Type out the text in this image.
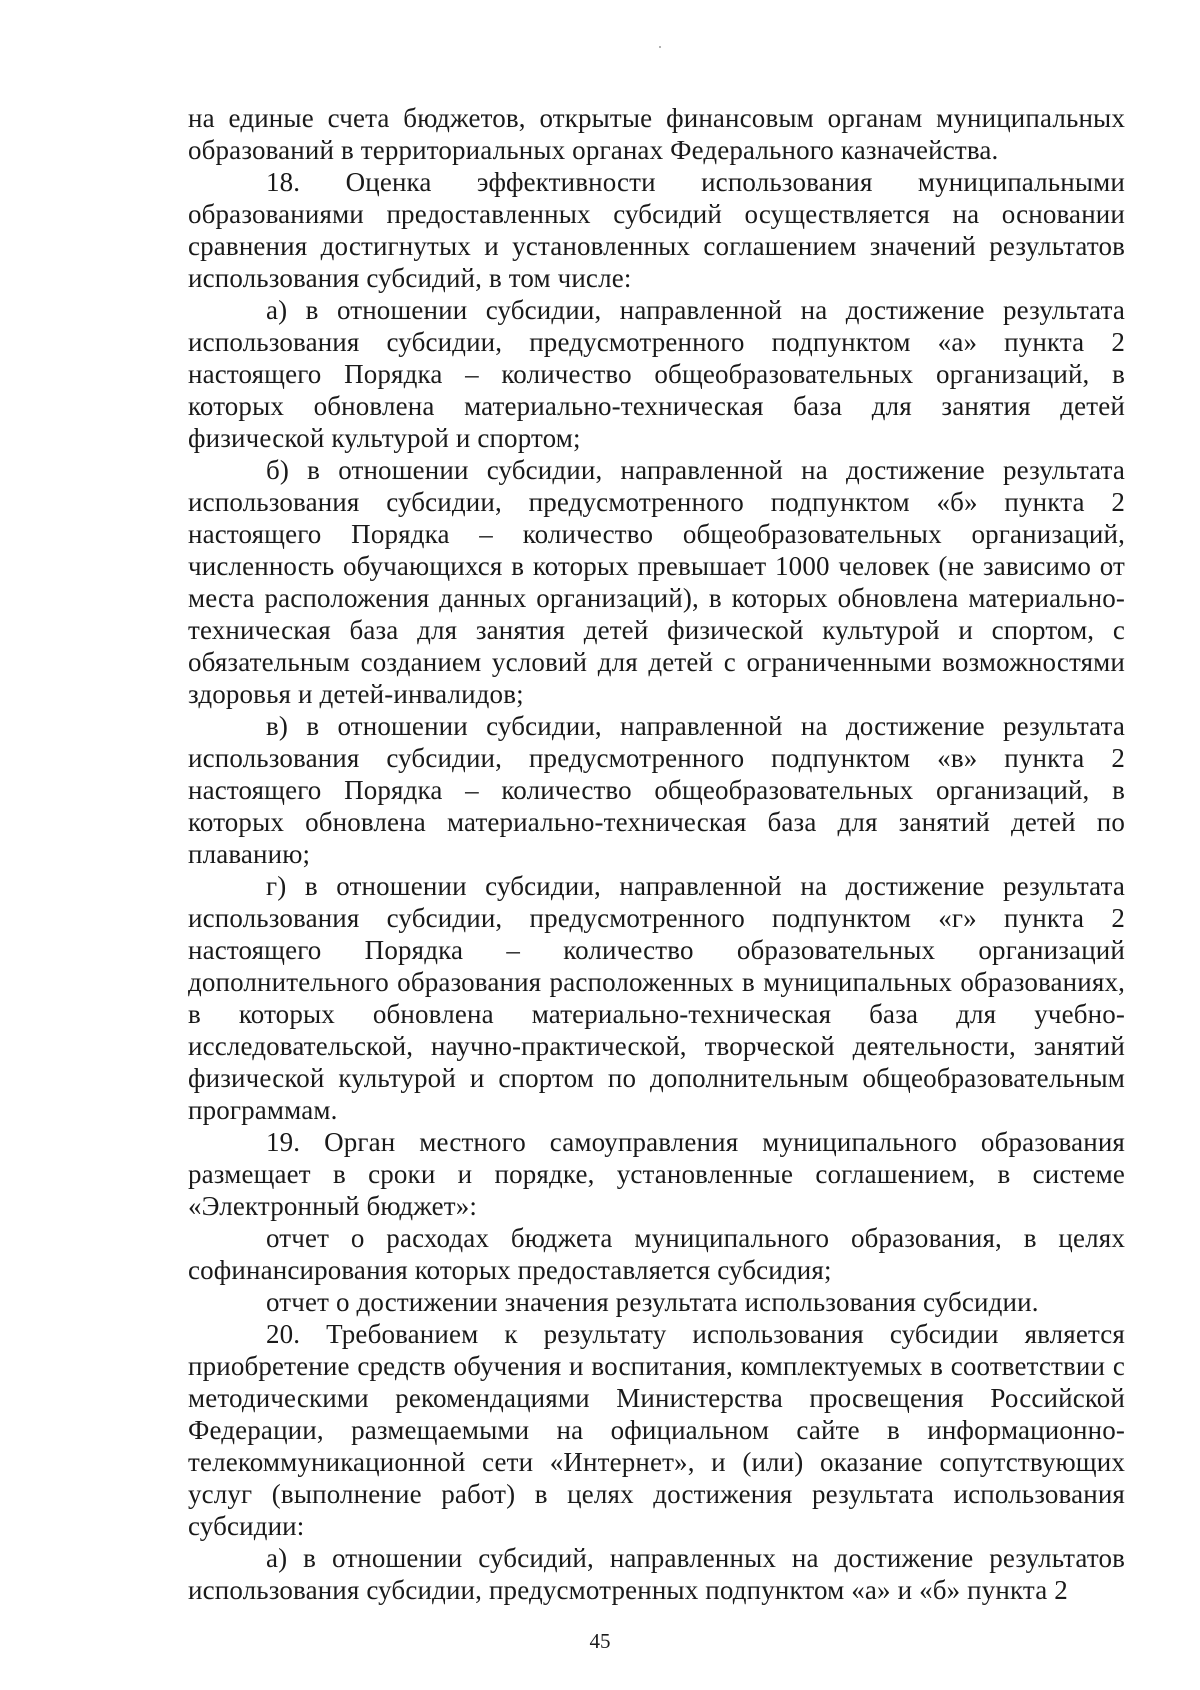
на единые счета бюджетов, открытые финансовым органам муниципальных образований в территориальных органах Федерального казначейства.

18. Оценка эффективности использования муниципальными образованиями предоставленных субсидий осуществляется на основании сравнения достигнутых и установленных соглашением значений результатов использования субсидий, в том числе:

а) в отношении субсидии, направленной на достижение результата использования субсидии, предусмотренного подпунктом «а» пункта 2 настоящего Порядка – количество общеобразовательных организаций, в которых обновлена материально-техническая база для занятия детей физической культурой и спортом;

б) в отношении субсидии, направленной на достижение результата использования субсидии, предусмотренного подпунктом «б» пункта 2 настоящего Порядка – количество общеобразовательных организаций, численность обучающихся в которых превышает 1000 человек (не зависимо от места расположения данных организаций), в которых обновлена материально-техническая база для занятия детей физической культурой и спортом, с обязательным созданием условий для детей с ограниченными возможностями здоровья и детей-инвалидов;

в) в отношении субсидии, направленной на достижение результата использования субсидии, предусмотренного подпунктом «в» пункта 2 настоящего Порядка – количество общеобразовательных организаций, в которых обновлена материально-техническая база для занятий детей по плаванию;

г) в отношении субсидии, направленной на достижение результата использования субсидии, предусмотренного подпунктом «г» пункта 2 настоящего Порядка – количество образовательных организаций дополнительного образования расположенных в муниципальных образованиях, в которых обновлена материально-техническая база для учебно-исследовательской, научно-практической, творческой деятельности, занятий физической культурой и спортом по дополнительным общеобразовательным программам.

19. Орган местного самоуправления муниципального образования размещает в сроки и порядке, установленные соглашением, в системе «Электронный бюджет»:

отчет о расходах бюджета муниципального образования, в целях софинансирования которых предоставляется субсидия;

отчет о достижении значения результата использования субсидии.

20. Требованием к результату использования субсидии является приобретение средств обучения и воспитания, комплектуемых в соответствии с методическими рекомендациями Министерства просвещения Российской Федерации, размещаемыми на официальном сайте в информационно-телекоммуникационной сети «Интернет», и (или) оказание сопутствующих услуг (выполнение работ) в целях достижения результата использования субсидии:

а) в отношении субсидий, направленных на достижение результатов использования субсидии, предусмотренных подпунктом «а» и «б» пункта 2

45
